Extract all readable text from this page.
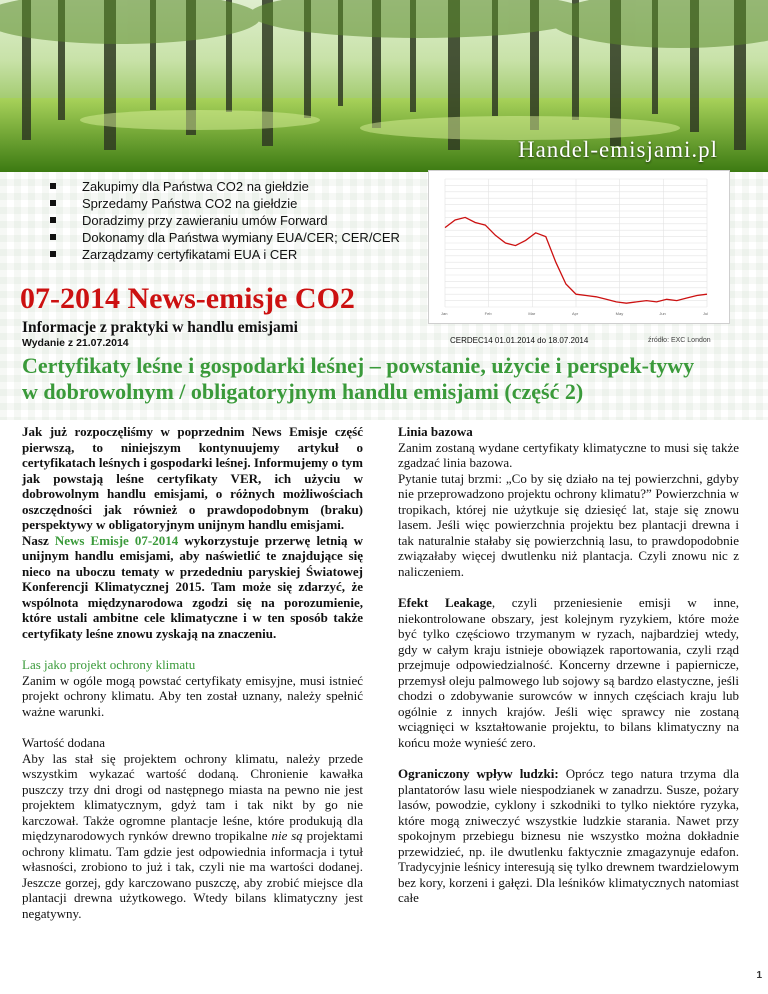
Handel-emisjami.pl
Zakupimy dla Państwa CO2 na giełdzie
Sprzedamy Państwa CO2 na giełdzie
Doradzimy przy zawieraniu umów Forward
Dokonamy dla Państwa wymiany EUA/CER; CER/CER
Zarządzamy certyfikatami EUA i CER
Jan	Feb	Mar	Apr	May	Jun	Jul
CERDEC14 01.01.2014 do 18.07.2014	źródło: EXC London
07-2014 News-emisje CO2
Informacje z praktyki w handlu emisjami
Wydanie z 21.07.2014
Certyfikaty leśne i gospodarki leśnej – powstanie, użycie i perspek-tywy w dobrowolnym / obligatoryjnym handlu emisjami (część 2)

Jak już rozpoczęliśmy w poprzednim News Emisje część pierwszą, to niniejszym kontynuujemy artykuł o certyfikatach leśnych i gospodarki leśnej. Informujemy o tym jak powstają leśne certyfikaty VER, ich użyciu w dobrowolnym handlu emisjami, o różnych możliwościach oszczędności jak również o prawdopodobnym (braku) perspektywy w obligatoryjnym unijnym handlu emisjami.

Nasz News Emisje 07-2014 wykorzystuje przerwę letnią w unijnym handlu emisjami, aby naświetlić te znajdujące się nieco na uboczu tematy w przededniu paryskiej Światowej Konferencji Klimatycznej 2015. Tam może się zdarzyć, że wspólnota międzynarodowa zgodzi się na porozumienie, które ustali ambitne cele klimatyczne i w ten sposób także certyfikaty leśne znowu zyskają na znaczeniu.

Las jako projekt ochrony klimatu

Zanim w ogóle mogą powstać certyfikaty emisyjne, musi istnieć projekt ochrony klimatu. Aby ten został uznany, należy spełnić ważne warunki.

Wartość dodana

Aby las stał się projektem ochrony klimatu, należy przede wszystkim wykazać wartość dodaną. Chronienie kawałka puszczy trzy dni drogi od następnego miasta na pewno nie jest projektem klimatycznym, gdyż tam i tak nikt by go nie karczował. Także ogromne plantacje leśne, które produkują dla międzynarodowych rynków drewno tropikalne nie są projektami ochrony klimatu. Tam gdzie jest odpowiednia informacja i tytuł własności, zrobiono to już i tak, czyli nie ma wartości dodanej. Jeszcze gorzej, gdy karczowano puszczę, aby zrobić miejsce dla plantacji drewna użytkowego. Wtedy bilans klimatyczny jest negatywny.

Linia bazowa

Zanim zostaną wydane certyfikaty klimatyczne to musi się także zgadzać linia bazowa.

Pytanie tutaj brzmi: „Co by się działo na tej powierzchni, gdyby nie przeprowadzono projektu ochrony klimatu?” Powierzchnia w tropikach, której nie użytkuje się dziesięć lat, staje się znowu lasem. Jeśli więc powierzchnia projektu bez plantacji drewna i tak naturalnie stałaby się powierzchnią lasu, to prawdopodobnie związałaby więcej dwutlenku niż plantacja. Czyli znowu nic z naliczeniem.

Efekt Leakage, czyli przeniesienie emisji w inne, niekontrolowane obszary, jest kolejnym ryzykiem, które może być tylko częściowo trzymanym w ryzach, najbardziej wtedy, gdy w całym kraju istnieje obowiązek raportowania, czyli rząd przejmuje odpowiedzialność. Koncerny drzewne i papiernicze, przemysł oleju palmowego lub sojowy są bardzo elastyczne, jeśli chodzi o zdobywanie surowców w innych częściach kraju lub ogólnie z innych krajów. Jeśli więc sprawcy nie zostaną wciągnięci w kształtowanie projektu, to bilans klimatyczny na końcu może wynieść zero.

Ograniczony wpływ ludzki: Oprócz tego natura trzyma dla plantatorów lasu wiele niespodzianek w zanadrzu. Susze, pożary lasów, powodzie, cyklony i szkodniki to tylko niektóre ryzyka, które mogą zniweczyć wszystkie ludzkie starania. Nawet przy spokojnym przebiegu biznesu nie wszystko można dokładnie przewidzieć, np. ile dwutlenku faktycznie zmagazynuje edafon. Tradycyjnie leśnicy interesują się tylko drewnem twardzielowym bez kory, korzeni i gałęzi. Dla leśników klimatycznych natomiast całe

1
